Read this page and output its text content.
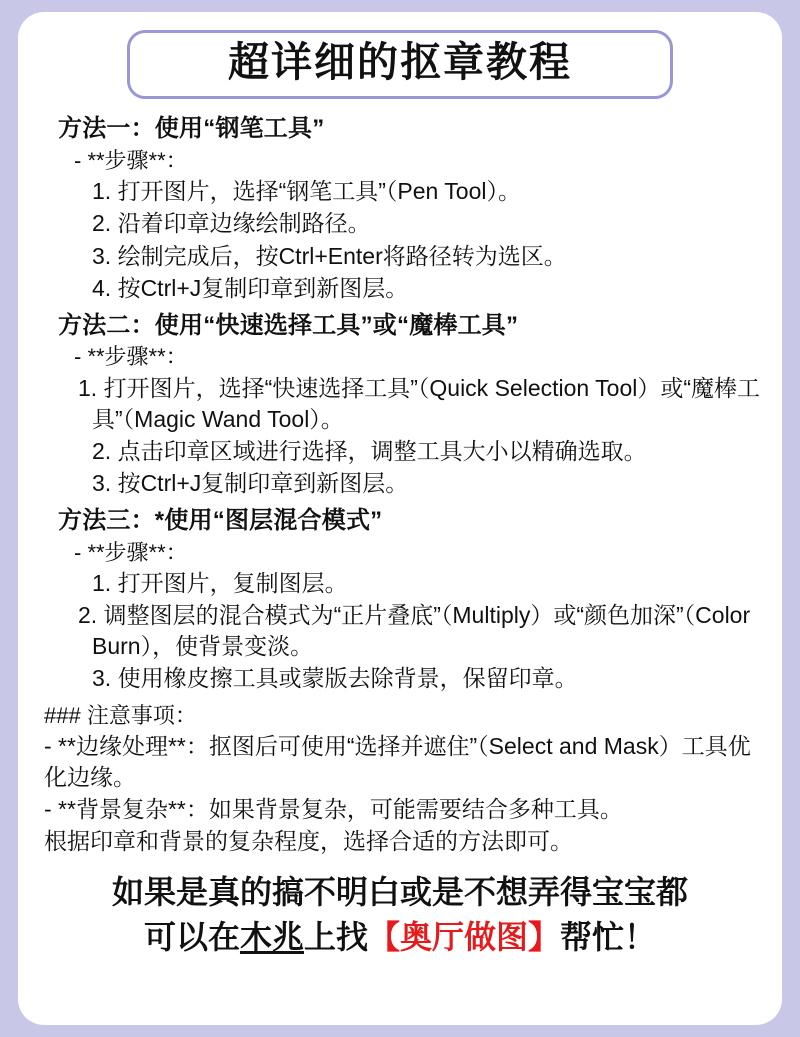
超详细的抠章教程
方法一：使用“钢笔工具”
- **步骤**：
1. 打开图片，选择“钢笔工具”（Pen Tool）。
2. 沿着印章边缘绘制路径。
3. 绘制完成后，按Ctrl+Enter将路径转为选区。
4. 按Ctrl+J复制印章到新图层。
方法二：使用“快速选择工具”或“魔棒工具”
- **步骤**：
1. 打开图片，选择“快速选择工具”（Quick Selection Tool）或“魔棒工具”（Magic Wand Tool）。
2. 点击印章区域进行选择，调整工具大小以精确选取。
3. 按Ctrl+J复制印章到新图层。
方法三：*使用“图层混合模式”
- **步骤**：
1. 打开图片，复制图层。
2. 调整图层的混合模式为“正片叠底”（Multiply）或“颜色加深”（Color Burn），使背景变淡。
3. 使用橡皮擦工具或蒙版去除背景，保留印章。
### 注意事项：
- **边缘处理**：抠图后可使用“选择并遮住”（Select and Mask）工具优化边缘。
- **背景复杂**：如果背景复杂，可能需要结合多种工具。
根据印章和背景的复杂程度，选择合适的方法即可。
如果是真的搞不明白或是不想弄得宝宝都
可以在木兆上找【奥厅做图】帮忙！
